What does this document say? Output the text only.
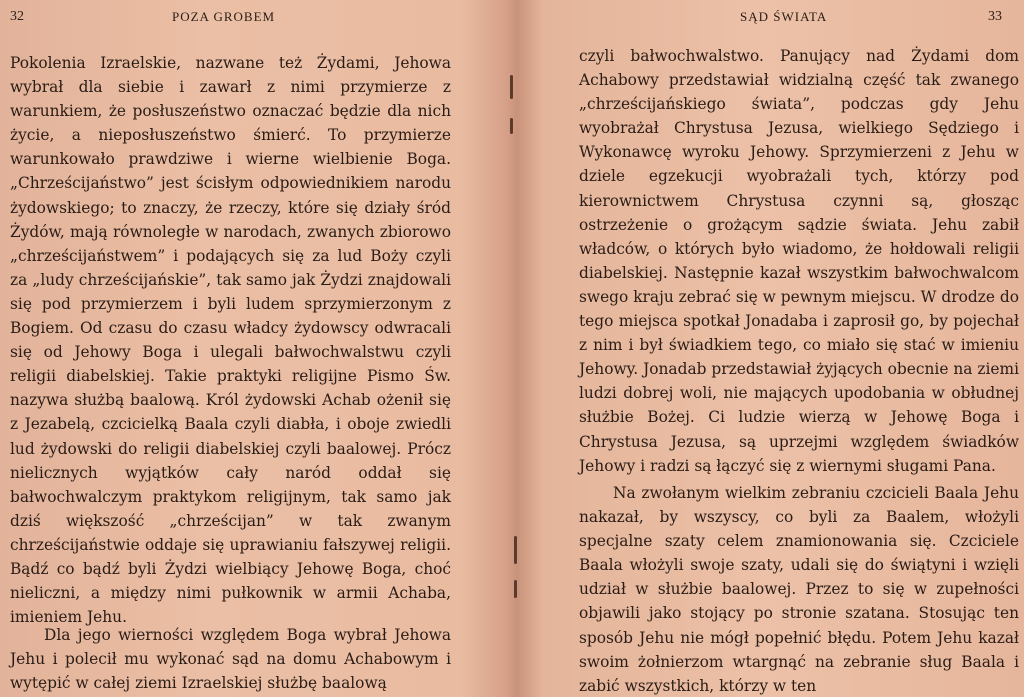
32	POZA GROBEM

Pokolenia Izraelskie, nazwane też Żydami, Jehowa wybrał dla siebie i zawarł z nimi przymierze z warunkiem, że posłuszeństwo oznaczać będzie dla nich życie, a nieposłuszeństwo śmierć. To przymierze warunkowało prawdziwe i wierne wielbienie Boga. „Chrześcijaństwo” jest ścisłym odpowiednikiem narodu żydowskiego; to znaczy, że rzeczy, które się działy śród Żydów, mają równoległe w narodach, zwanych zbiorowo „chrześcijaństwem” i podających się za lud Boży czyli za „ludy chrześcijańskie”, tak samo jak Żydzi znajdowali się pod przymierzem i byli ludem sprzymierzonym z Bogiem. Od czasu do czasu władcy żydowscy odwracali się od Jehowy Boga i ulegali bałwochwalstwu czyli religii diabelskiej. Takie praktyki religijne Pismo Św. nazywa służbą baalową. Król żydowski Achab ożenił się z Jezabelą, czcicielką Baala czyli diabła, i oboje zwiedli lud żydowski do religii diabelskiej czyli baalowej. Prócz nielicznych wyjątków cały naród oddał się bałwochwalczym praktykom religijnym, tak samo jak dziś większość „chrześcijan” w tak zwanym chrześcijaństwie oddaje się uprawianiu fałszywej religii. Bądź co bądź byli Żydzi wielbiący Jehowę Boga, choć nieliczni, a między nimi pułkownik w armii Achaba, imieniem Jehu.

Dla jego wierności względem Boga wybrał Jehowa Jehu i polecił mu wykonać sąd na domu Achabowym i wytępić w całej ziemi Izraelskiej służbę baalową

SĄD ŚWIATA	33

czyli bałwochwalstwo. Panujący nad Żydami dom Achabowy przedstawiał widzialną część tak zwanego „chrześcijańskiego świata”, podczas gdy Jehu wyobrażał Chrystusa Jezusa, wielkiego Sędziego i Wykonawcę wyroku Jehowy. Sprzymierzeni z Jehu w dziele egzekucji wyobrażali tych, którzy pod kierownictwem Chrystusa czynni są, głosząc ostrzeżenie o grożącym sądzie świata. Jehu zabił władców, o których było wiadomo, że hołdowali religii diabelskiej. Następnie kazał wszystkim bałwochwalcom swego kraju zebrać się w pewnym miejscu. W drodze do tego miejsca spotkał Jonadaba i zaprosił go, by pojechał z nim i był świadkiem tego, co miało się stać w imieniu Jehowy. Jonadab przedstawiał żyjących obecnie na ziemi ludzi dobrej woli, nie mających upodobania w obłudnej służbie Bożej. Ci ludzie wierzą w Jehowę Boga i Chrystusa Jezusa, są uprzejmi względem świadków Jehowy i radzi są łączyć się z wiernymi sługami Pana.

Na zwołanym wielkim zebraniu czcicieli Baala Jehu nakazał, by wszyscy, co byli za Baalem, włożyli specjalne szaty celem znamionowania się. Czciciele Baala włożyli swoje szaty, udali się do świątyni i wzięli udział w służbie baalowej. Przez to się w zupełności objawili jako stojący po stronie szatana. Stosując ten sposób Jehu nie mógł popełnić błędu. Potem Jehu kazał swoim żołnierzom wtargnąć na zebranie sług Baala i zabić wszystkich, którzy w ten
